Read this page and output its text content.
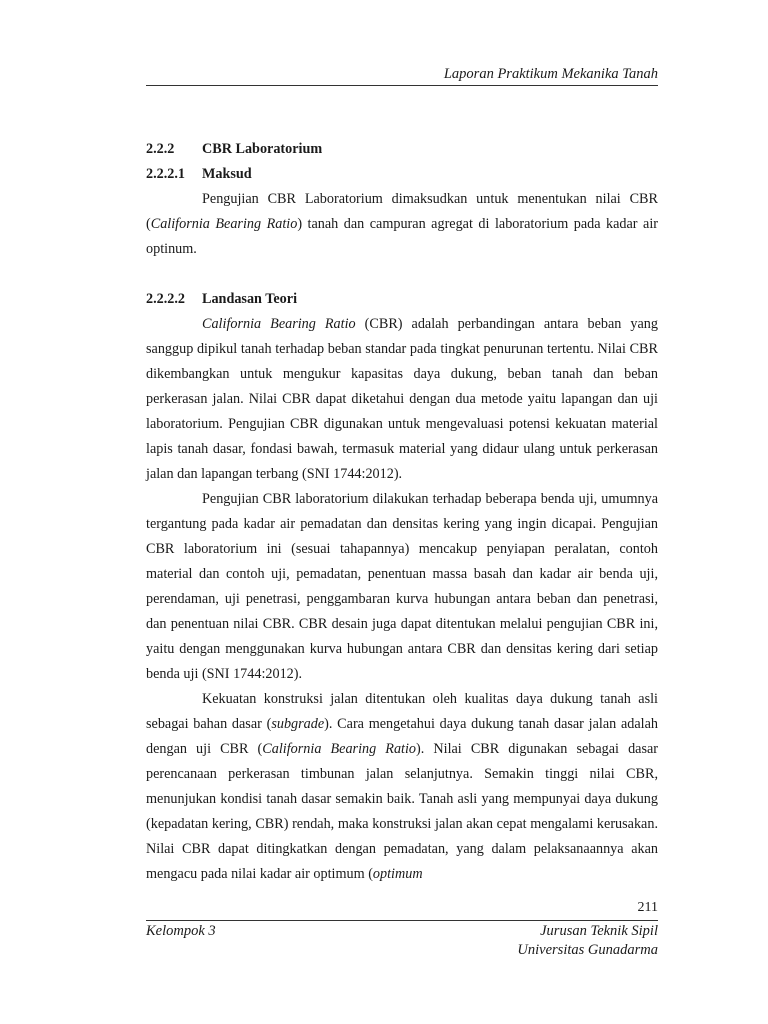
Laporan Praktikum Mekanika Tanah
2.2.2	CBR Laboratorium
2.2.2.1	Maksud

Pengujian CBR Laboratorium dimaksudkan untuk menentukan nilai CBR (California Bearing Ratio) tanah dan campuran agregat di laboratorium pada kadar air optinum.

2.2.2.2	Landasan Teori

California Bearing Ratio (CBR) adalah perbandingan antara beban yang sanggup dipikul tanah terhadap beban standar pada tingkat penurunan tertentu. Nilai CBR dikembangkan untuk mengukur kapasitas daya dukung, beban tanah dan beban perkerasan jalan. Nilai CBR dapat diketahui dengan dua metode yaitu lapangan dan uji laboratorium. Pengujian CBR digunakan untuk mengevaluasi potensi kekuatan material lapis tanah dasar, fondasi bawah, termasuk material yang didaur ulang untuk perkerasan jalan dan lapangan terbang (SNI 1744:2012).

Pengujian CBR laboratorium dilakukan terhadap beberapa benda uji, umumnya tergantung pada kadar air pemadatan dan densitas kering yang ingin dicapai. Pengujian CBR laboratorium ini (sesuai tahapannya) mencakup penyiapan peralatan, contoh material dan contoh uji, pemadatan, penentuan massa basah dan kadar air benda uji, perendaman, uji penetrasi, penggambaran kurva hubungan antara beban dan penetrasi, dan penentuan nilai CBR. CBR desain juga dapat ditentukan melalui pengujian CBR ini, yaitu dengan menggunakan kurva hubungan antara CBR dan densitas kering dari setiap benda uji (SNI 1744:2012).

Kekuatan konstruksi jalan ditentukan oleh kualitas daya dukung tanah asli sebagai bahan dasar (subgrade). Cara mengetahui daya dukung tanah dasar jalan adalah dengan uji CBR (California Bearing Ratio). Nilai CBR digunakan sebagai dasar perencanaan perkerasan timbunan jalan selanjutnya. Semakin tinggi nilai CBR, menunjukan kondisi tanah dasar semakin baik. Tanah asli yang mempunyai daya dukung (kepadatan kering, CBR) rendah, maka konstruksi jalan akan cepat mengalami kerusakan. Nilai CBR dapat ditingkatkan dengan pemadatan, yang dalam pelaksanaannya akan mengacu pada nilai kadar air optimum (optimum

211
Kelompok 3	Jurusan Teknik Sipil
Universitas Gunadarma
